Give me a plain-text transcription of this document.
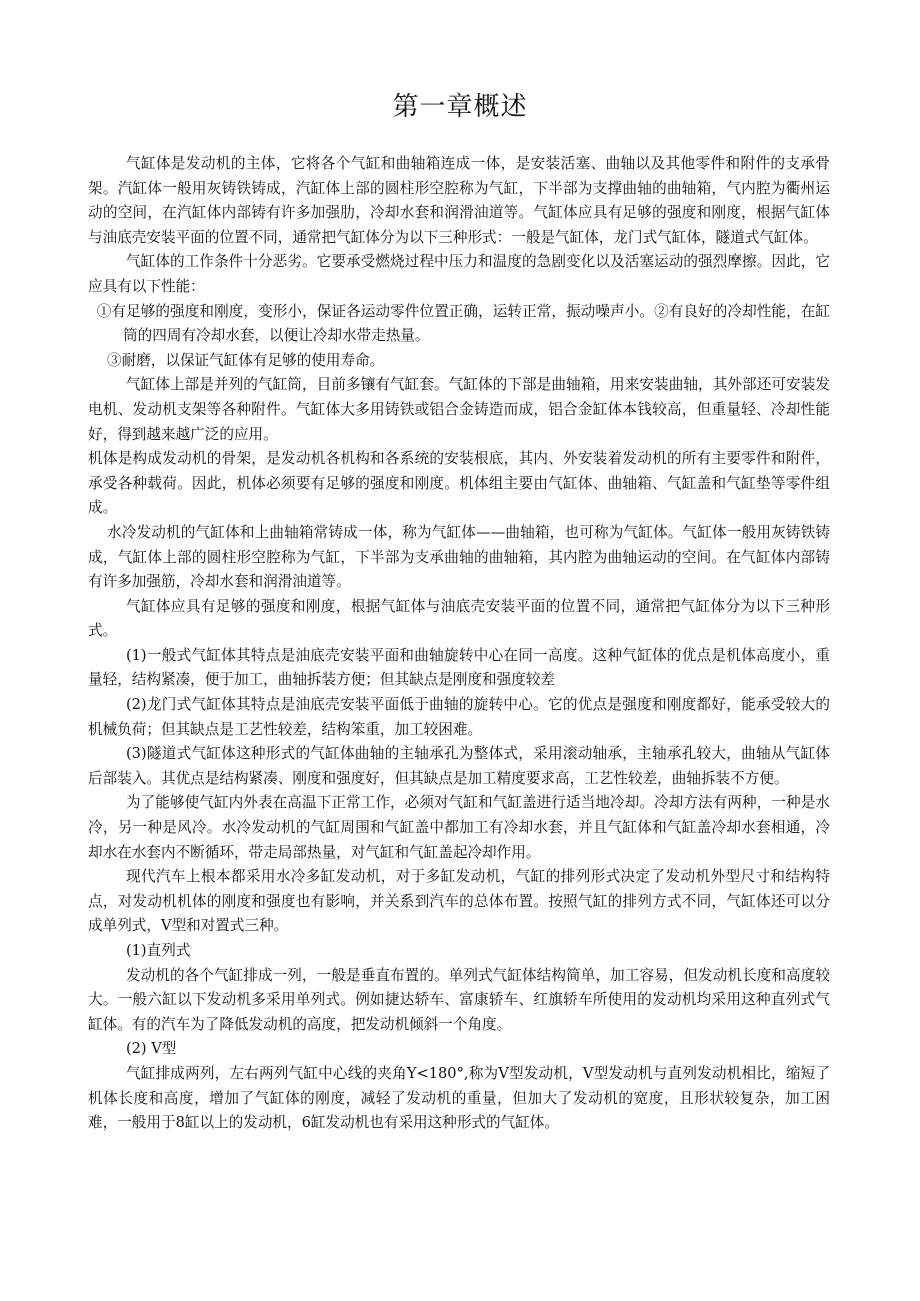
第一章概述

气缸体是发动机的主体，它将各个气缸和曲轴箱连成一体，是安装活塞、曲轴以及其他零件和附件的支承骨架。汽缸体一般用灰铸铁铸成，汽缸体上部的圆柱形空腔称为气缸，下半部为支撑曲轴的曲轴箱，气内腔为衢州运动的空间，在汽缸体内部铸有许多加强肋，冷却水套和润滑油道等。气缸体应具有足够的强度和刚度，根据气缸体与油底壳安装平面的位置不同，通常把气缸体分为以下三种形式：一般是气缸体，龙门式气缸体，隧道式气缸体。

气缸体的工作条件十分恶劣。它要承受燃烧过程中压力和温度的急剧变化以及活塞运动的强烈摩擦。因此，它应具有以下性能：

①有足够的强度和刚度，变形小，保证各运动零件位置正确，运转正常，振动噪声小。②有良好的冷却性能，在缸筒的四周有冷却水套，以便让冷却水带走热量。

③耐磨，以保证气缸体有足够的使用寿命。

气缸体上部是并列的气缸筒，目前多镶有气缸套。气缸体的下部是曲轴箱，用来安装曲轴，其外部还可安装发电机、发动机支架等各种附件。气缸体大多用铸铁或铝合金铸造而成，铝合金缸体本钱较高，但重量轻、冷却性能好，得到越来越广泛的应用。

机体是构成发动机的骨架，是发动机各机构和各系统的安装根底，其内、外安装着发动机的所有主要零件和附件，承受各种载荷。因此，机体必须要有足够的强度和刚度。机体组主要由气缸体、曲轴箱、气缸盖和气缸垫等零件组成。

水冷发动机的气缸体和上曲轴箱常铸成一体，称为气缸体——曲轴箱，也可称为气缸体。气缸体一般用灰铸铁铸成，气缸体上部的圆柱形空腔称为气缸，下半部为支承曲轴的曲轴箱，其内腔为曲轴运动的空间。在气缸体内部铸有许多加强筋，冷却水套和润滑油道等。

气缸体应具有足够的强度和刚度，根据气缸体与油底壳安装平面的位置不同，通常把气缸体分为以下三种形式。

(1)一般式气缸体其特点是油底壳安装平面和曲轴旋转中心在同一高度。这种气缸体的优点是机体高度小，重量轻，结构紧凑，便于加工，曲轴拆装方便；但其缺点是刚度和强度较差

(2)龙门式气缸体其特点是油底壳安装平面低于曲轴的旋转中心。它的优点是强度和刚度都好，能承受较大的机械负荷；但其缺点是工艺性较差，结构笨重，加工较困难。

(3)隧道式气缸体这种形式的气缸体曲轴的主轴承孔为整体式，采用滚动轴承，主轴承孔较大，曲轴从气缸体后部装入。其优点是结构紧凑、刚度和强度好，但其缺点是加工精度要求高，工艺性较差，曲轴拆装不方便。

为了能够使气缸内外表在高温下正常工作，必须对气缸和气缸盖进行适当地冷却。冷却方法有两种，一种是水冷，另一种是风冷。水冷发动机的气缸周围和气缸盖中都加工有冷却水套，并且气缸体和气缸盖冷却水套相通，冷却水在水套内不断循环，带走局部热量，对气缸和气缸盖起冷却作用。

现代汽车上根本都采用水冷多缸发动机，对于多缸发动机，气缸的排列形式决定了发动机外型尺寸和结构特点，对发动机机体的刚度和强度也有影响，并关系到汽车的总体布置。按照气缸的排列方式不同，气缸体还可以分成单列式，V型和对置式三种。

(1)直列式

发动机的各个气缸排成一列，一般是垂直布置的。单列式气缸体结构简单，加工容易，但发动机长度和高度较大。一般六缸以下发动机多采用单列式。例如捷达轿车、富康轿车、红旗轿车所使用的发动机均采用这种直列式气缸体。有的汽车为了降低发动机的高度，把发动机倾斜一个角度。

(2) V型

气缸排成两列，左右两列气缸中心线的夹角Y<180°,称为V型发动机，V型发动机与直列发动机相比，缩短了机体长度和高度，增加了气缸体的刚度，减轻了发动机的重量，但加大了发动机的宽度，且形状较复杂，加工困难，一般用于8缸以上的发动机，6缸发动机也有采用这种形式的气缸体。
